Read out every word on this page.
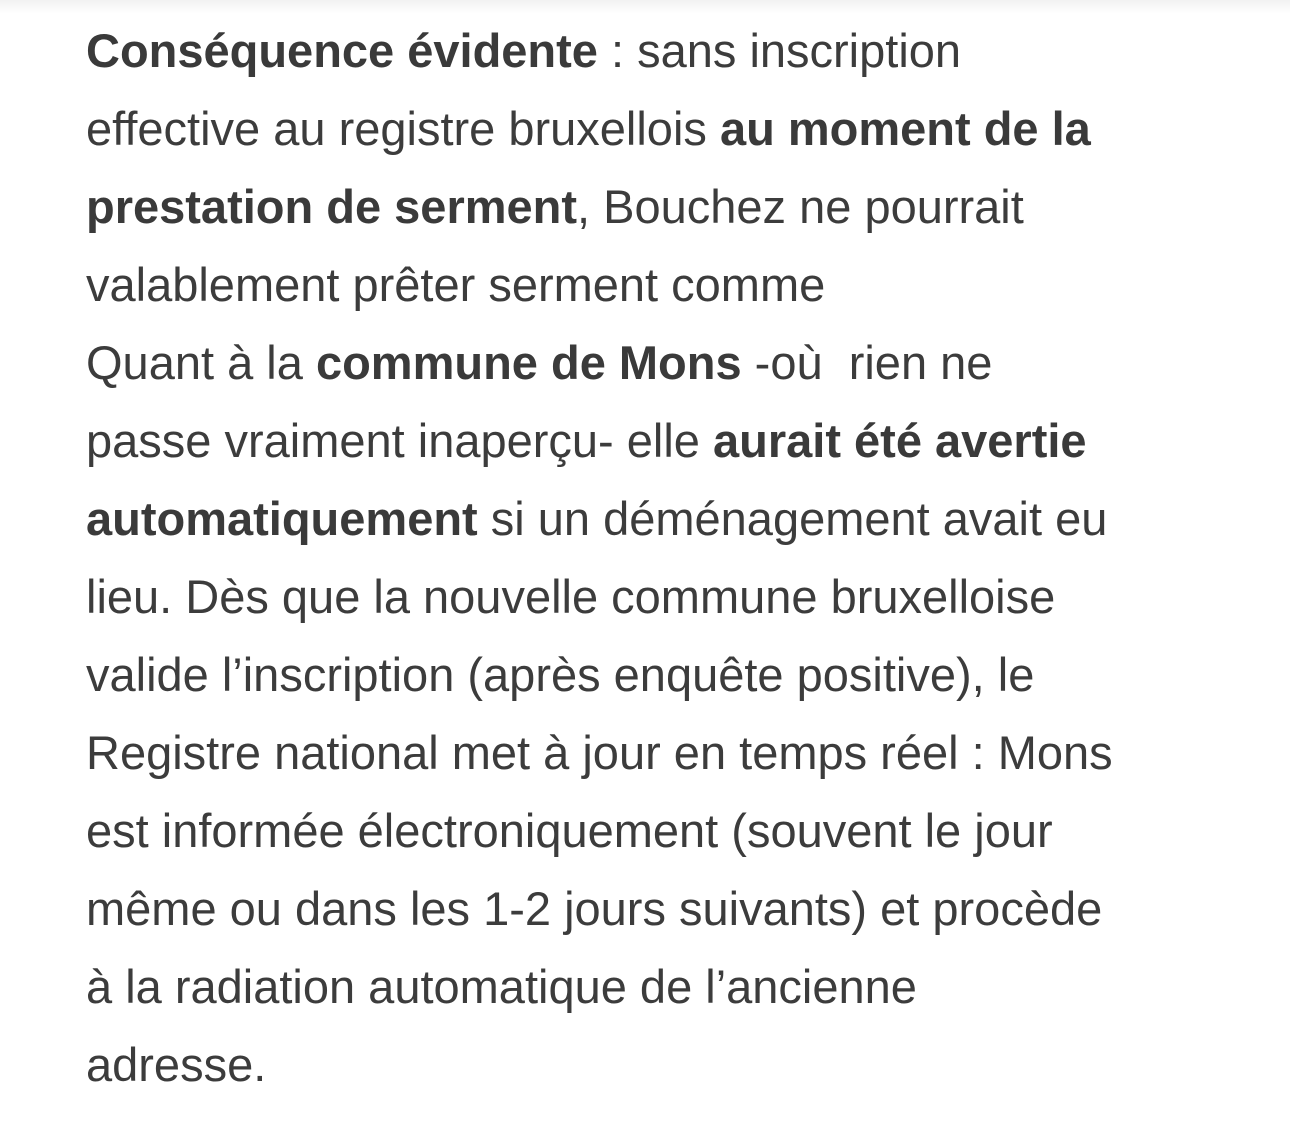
Conséquence évidente : sans inscription
effective au registre bruxellois au moment de la
prestation de serment, Bouchez ne pourrait
valablement prêter serment comme
Quant à la commune de Mons -où  rien ne
passe vraiment inaperçu- elle aurait été avertie
automatiquement si un déménagement avait eu
lieu. Dès que la nouvelle commune bruxelloise
valide l’inscription (après enquête positive), le
Registre national met à jour en temps réel : Mons
est informée électroniquement (souvent le jour
même ou dans les 1-2 jours suivants) et procède
à la radiation automatique de l’ancienne
adresse.
